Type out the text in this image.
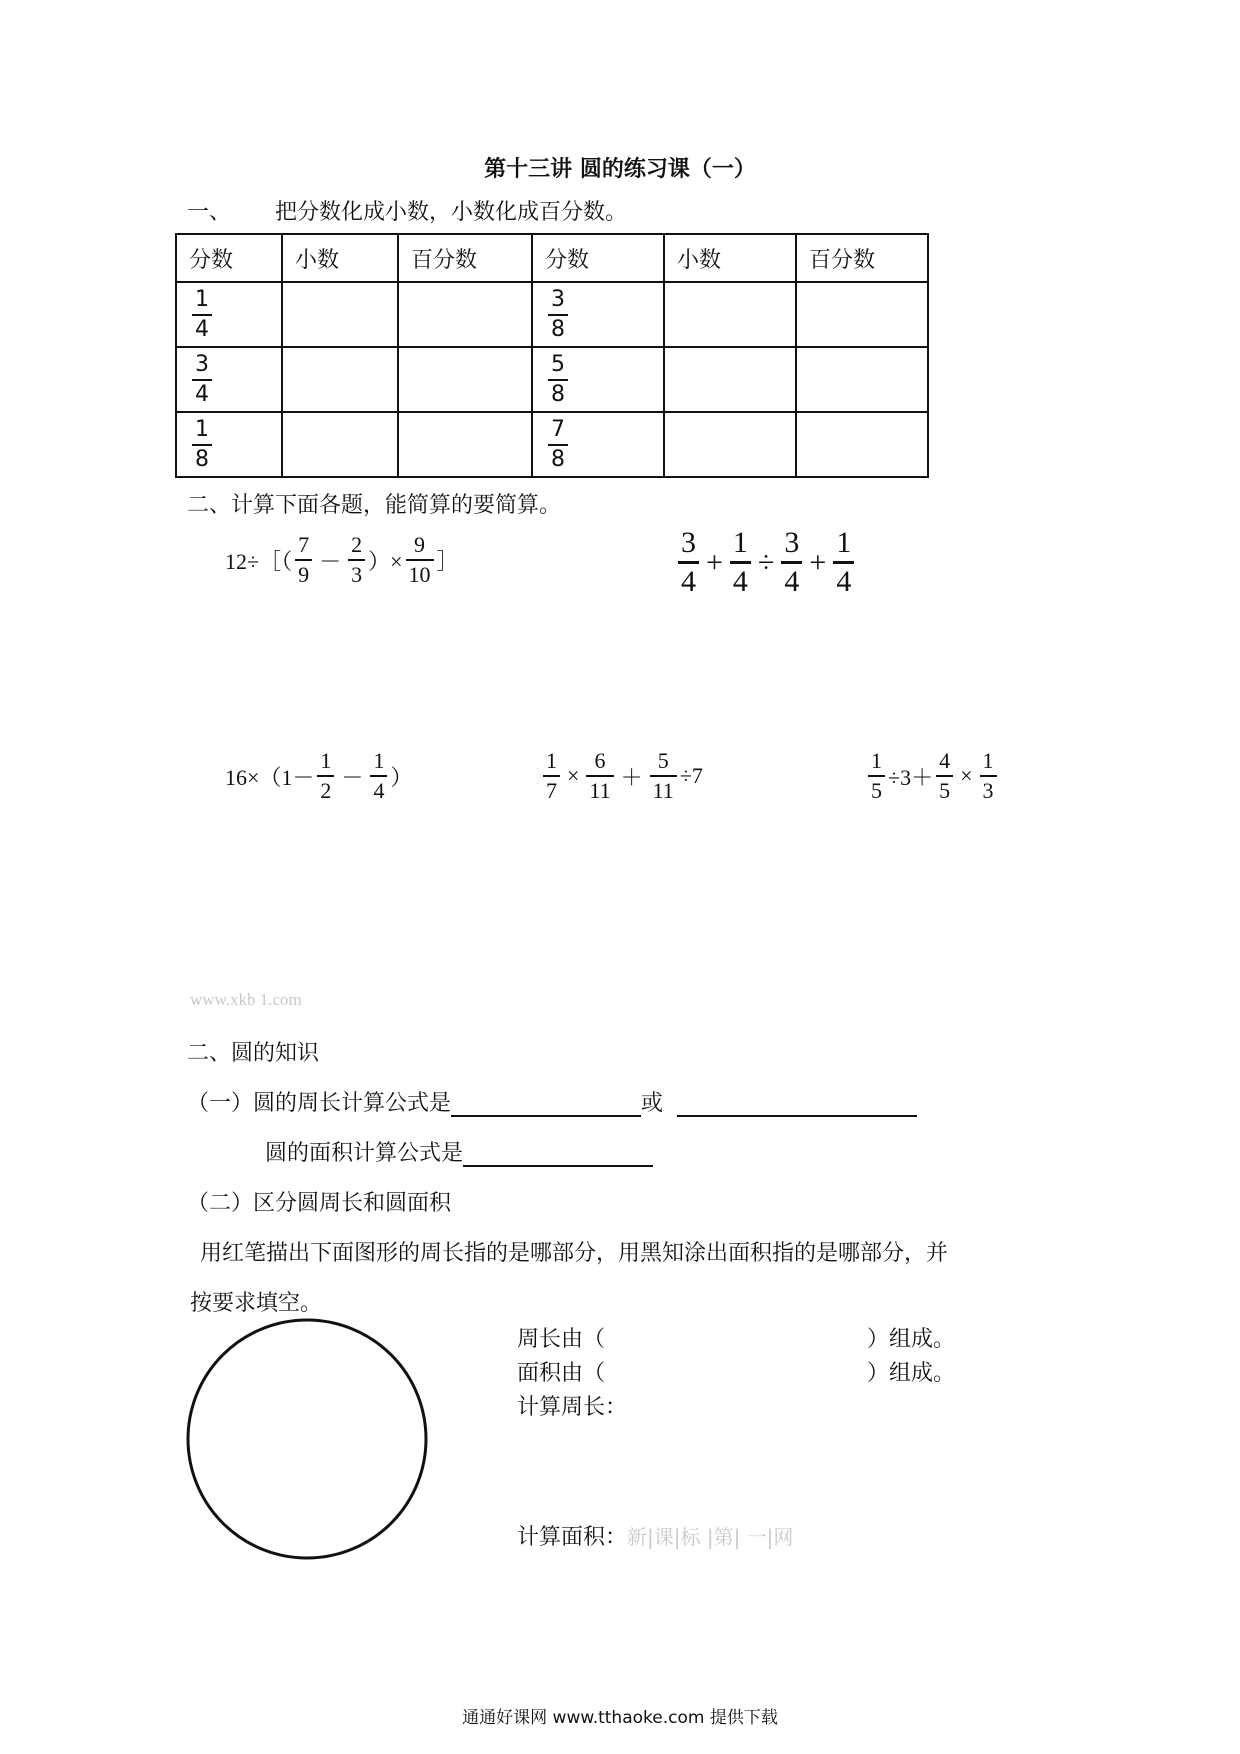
第十三讲 圆的练习课（一）
一、 把分数化成小数，小数化成百分数。
分数	小数	百分数	分数	小数	百分数

$\frac{1}{4}$			$\frac{3}{8}$

$\frac{3}{4}$			$\frac{5}{8}$

$\frac{1}{8}$			$\frac{7}{8}$

二、计算下面各题，能简算的要简算。
12÷［（ $\frac{7}{9} - \frac{2}{3}$ ）× $\frac{9}{10}$ ］	$\frac{3}{4} + \frac{1}{4} \div \frac{3}{4} + \frac{1}{4}$
$16\times(1- \frac{1}{2} - \frac{1}{4}$ ）	$\frac{1}{7} \times \frac{6}{11} + \frac{5}{11} \div 7$	$\frac{1}{5} \div 3+ \frac{4}{5} \times \frac{1}{3}$
www.xkb 1.com
二、圆的知识
（一）圆的周长计算公式是	或
圆的面积计算公式是
（二）区分圆周长和圆面积
用红笔描出下面图形的周长指的是哪部分，用黑知涂出面积指的是哪部分，并
按要求填空。
周长由（	）组成。
面积由（	）组成。
计算周长：
计算面积：新|课|标 |第| 一|网
通通好课网 www.tthaoke.com 提供下载
